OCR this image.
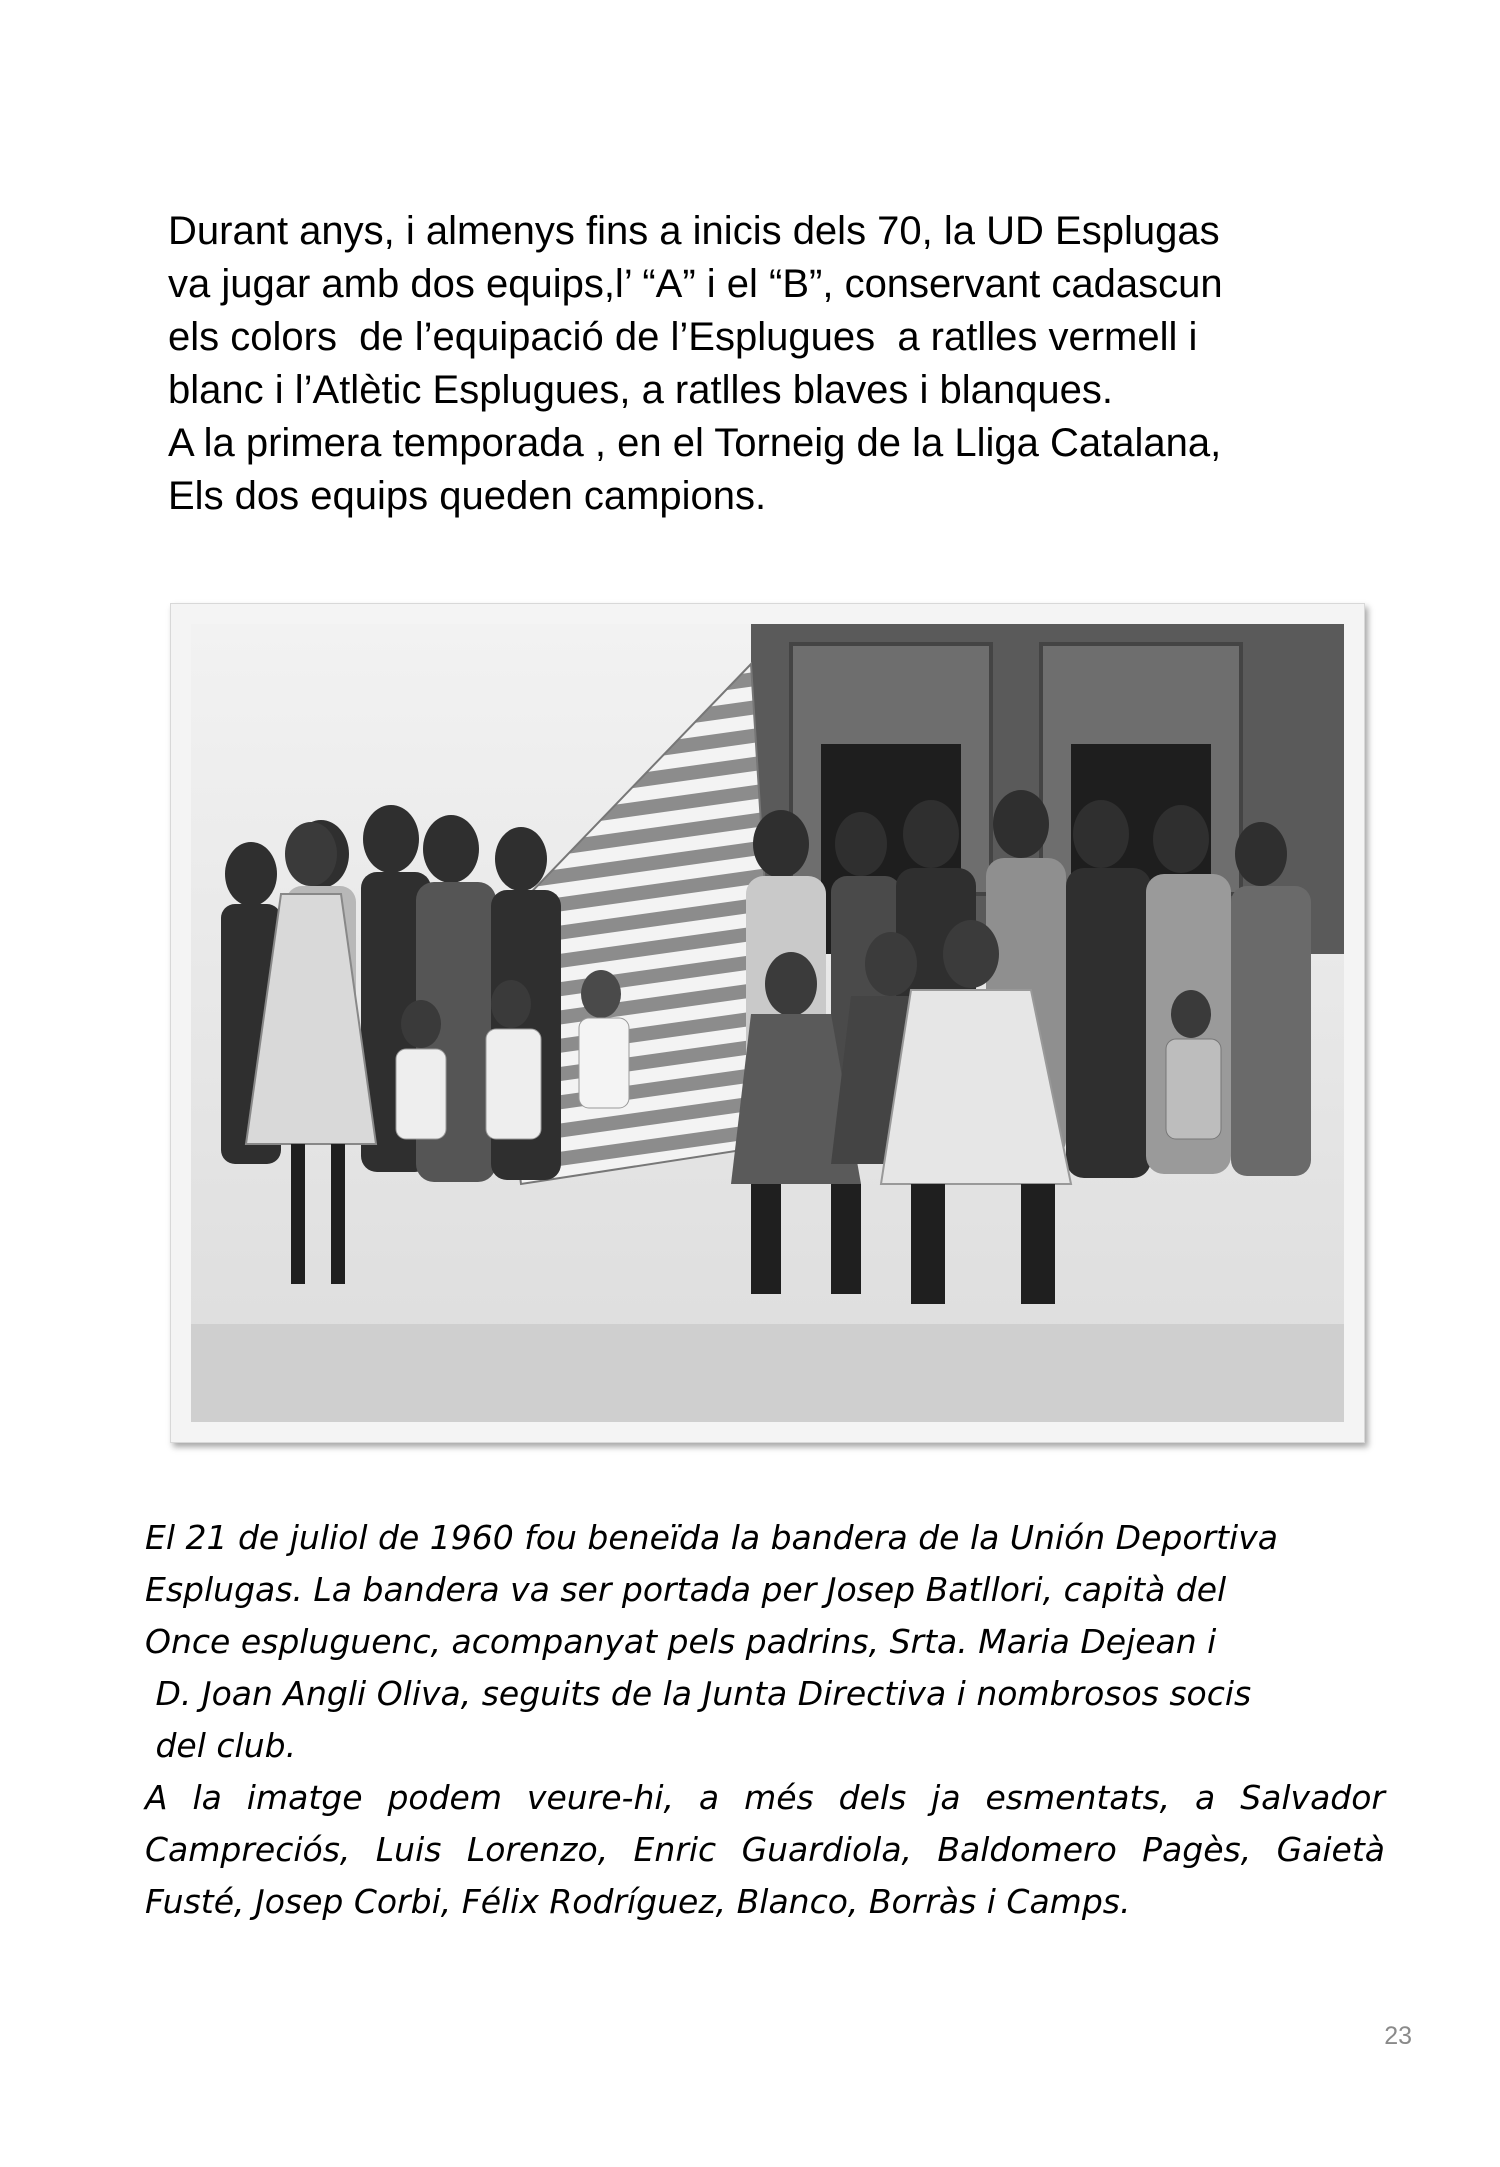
Durant anys, i almenys fins a inicis dels 70, la UD Esplugas
va jugar amb dos equips,l’ “A” i el “B”, conservant cadascun
els colors  de l’equipació de l’Esplugues  a ratlles vermell i
blanc i l’Atlètic Esplugues, a ratlles blaves i blanques.
A la primera temporada , en el Torneig de la Lliga Catalana,
Els dos equips queden campions.
El 21 de juliol de 1960 fou beneïda la bandera de la Unión Deportiva
Esplugas. La bandera va ser portada per Josep Batllori, capità del
Once espluguenc, acompanyat pels padrins, Srta. Maria Dejean i
D. Joan Angli Oliva, seguits de la Junta Directiva i nombrosos socis
del club.
A la imatge podem veure-hi, a més dels ja esmentats, a Salvador
Campreciós, Luis Lorenzo, Enric Guardiola, Baldomero Pagès, Gaietà
Fusté, Josep Corbi, Félix Rodríguez, Blanco, Borràs i Camps.
23
